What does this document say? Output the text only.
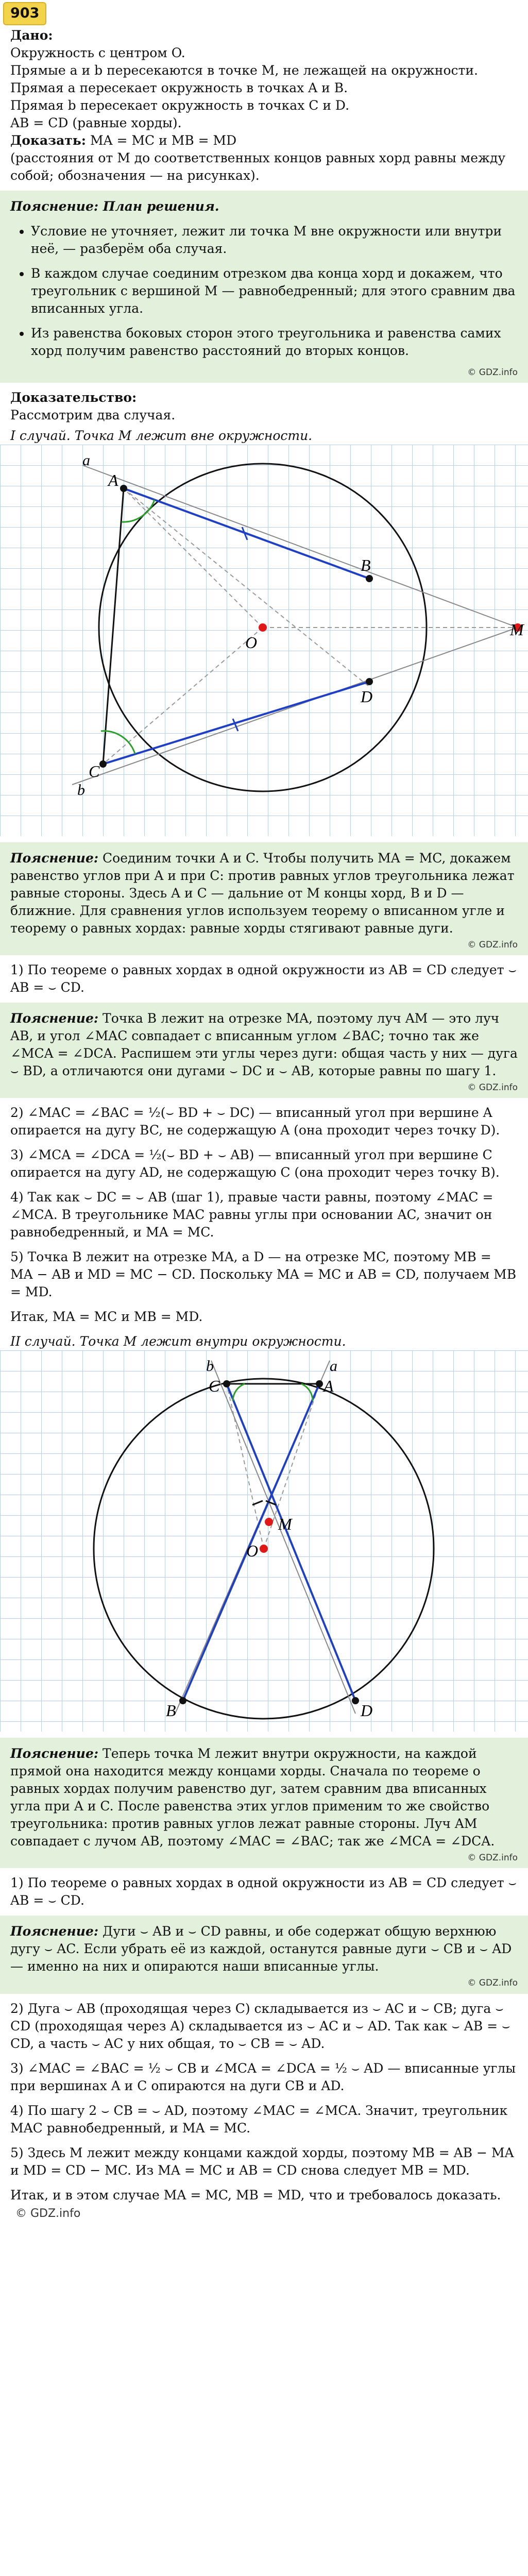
903
Дано:
Окружность с центром O.
Прямые a и b пересекаются в точке M, не лежащей на окружности.
Прямая a пересекает окружность в точках A и B.
Прямая b пересекает окружность в точках C и D.
AB = CD (равные хорды).
Доказать: MA = MC и MB = MD
(расстояния от M до соответственных концов равных хорд равны между собой; обозначения — на рисунках).
Пояснение: План решения.
• Условие не уточняет, лежит ли точка M вне окружности или внутри неё, — разберём оба случая.
• В каждом случае соединим отрезком два конца хорд и докажем, что треугольник с вершиной M — равнобедренный; для этого сравним два вписанных угла.
• Из равенства боковых сторон этого треугольника и равенства самих хорд получим равенство расстояний до вторых концов.
© GDZ.info
Доказательство:
Рассмотрим два случая.
I случай. Точка M лежит вне окружности.
a
b
A
B
C
D
O
M

Пояснение: Соединим точки A и C. Чтобы получить MA = MC, докажем равенство углов при A и при C: против равных углов треугольника лежат равные стороны. Здесь A и C — дальние от M концы хорд, B и D — ближние. Для сравнения углов используем теорему о вписанном угле и теорему о равных хордах: равные хорды стягивают равные дуги.

© GDZ.info
1) По теореме о равных хордах в одной окружности из AB = CD следует ⌣ AB = ⌣ CD.

Пояснение: Точка B лежит на отрезке MA, поэтому луч AM — это луч AB, и угол ∠MAC совпадает с вписанным углом ∠BAC; точно так же ∠MCA = ∠DCA. Распишем эти углы через дуги: общая часть у них — дуга ⌣ BD, а отличаются они дугами ⌣ DC и ⌣ AB, которые равны по шагу 1.

© GDZ.info
2) ∠MAC = ∠BAC = ½(⌣ BD + ⌣ DC) — вписанный угол при вершине A опирается на дугу BC, не содержащую A (она проходит через точку D).
3) ∠MCA = ∠DCA = ½(⌣ BD + ⌣ AB) — вписанный угол при вершине C опирается на дугу AD, не содержащую C (она проходит через точку B).
4) Так как ⌣ DC = ⌣ AB (шаг 1), правые части равны, поэтому ∠MAC = ∠MCA. В треугольнике MAC равны углы при основании AC, значит он равнобедренный, и MA = MC.
5) Точка B лежит на отрезке MA, а D — на отрезке MC, поэтому MB = MA − AB и MD = MC − CD. Поскольку MA = MC и AB = CD, получаем MB = MD.
Итак, MA = MC и MB = MD.
II случай. Точка M лежит внутри окружности.
b	a
C	A
M
O
B	D

Пояснение: Теперь точка M лежит внутри окружности, на каждой прямой она находится между концами хорды. Сначала по теореме о равных хордах получим равенство дуг, затем сравним два вписанных угла при A и C. После равенства этих углов применим то же свойство треугольника: против равных углов лежат равные стороны. Луч AM совпадает с лучом AB, поэтому ∠MAC = ∠BAC; так же ∠MCA = ∠DCA.

© GDZ.info
1) По теореме о равных хордах в одной окружности из AB = CD следует ⌣ AB = ⌣ CD.

Пояснение: Дуги ⌣ AB и ⌣ CD равны, и обе содержат общую верхнюю дугу ⌣ AC. Если убрать её из каждой, останутся равные дуги ⌣ CB и ⌣ AD — именно на них и опираются наши вписанные углы.

© GDZ.info
2) Дуга ⌣ AB (проходящая через C) складывается из ⌣ AC и ⌣ CB; дуга ⌣ CD (проходящая через A) складывается из ⌣ AC и ⌣ AD. Так как ⌣ AB = ⌣ CD, а часть ⌣ AC у них общая, то ⌣ CB = ⌣ AD.
3) ∠MAC = ∠BAC = ½ ⌣ CB и ∠MCA = ∠DCA = ½ ⌣ AD — вписанные углы при вершинах A и C опираются на дуги CB и AD.
4) По шагу 2 ⌣ CB = ⌣ AD, поэтому ∠MAC = ∠MCA. Значит, треугольник MAC равнобедренный, и MA = MC.
5) Здесь M лежит между концами каждой хорды, поэтому MB = AB − MA и MD = CD − MC. Из MA = MC и AB = CD снова следует MB = MD.
Итак, и в этом случае MA = MC, MB = MD, что и требовалось доказать. © GDZ.info
